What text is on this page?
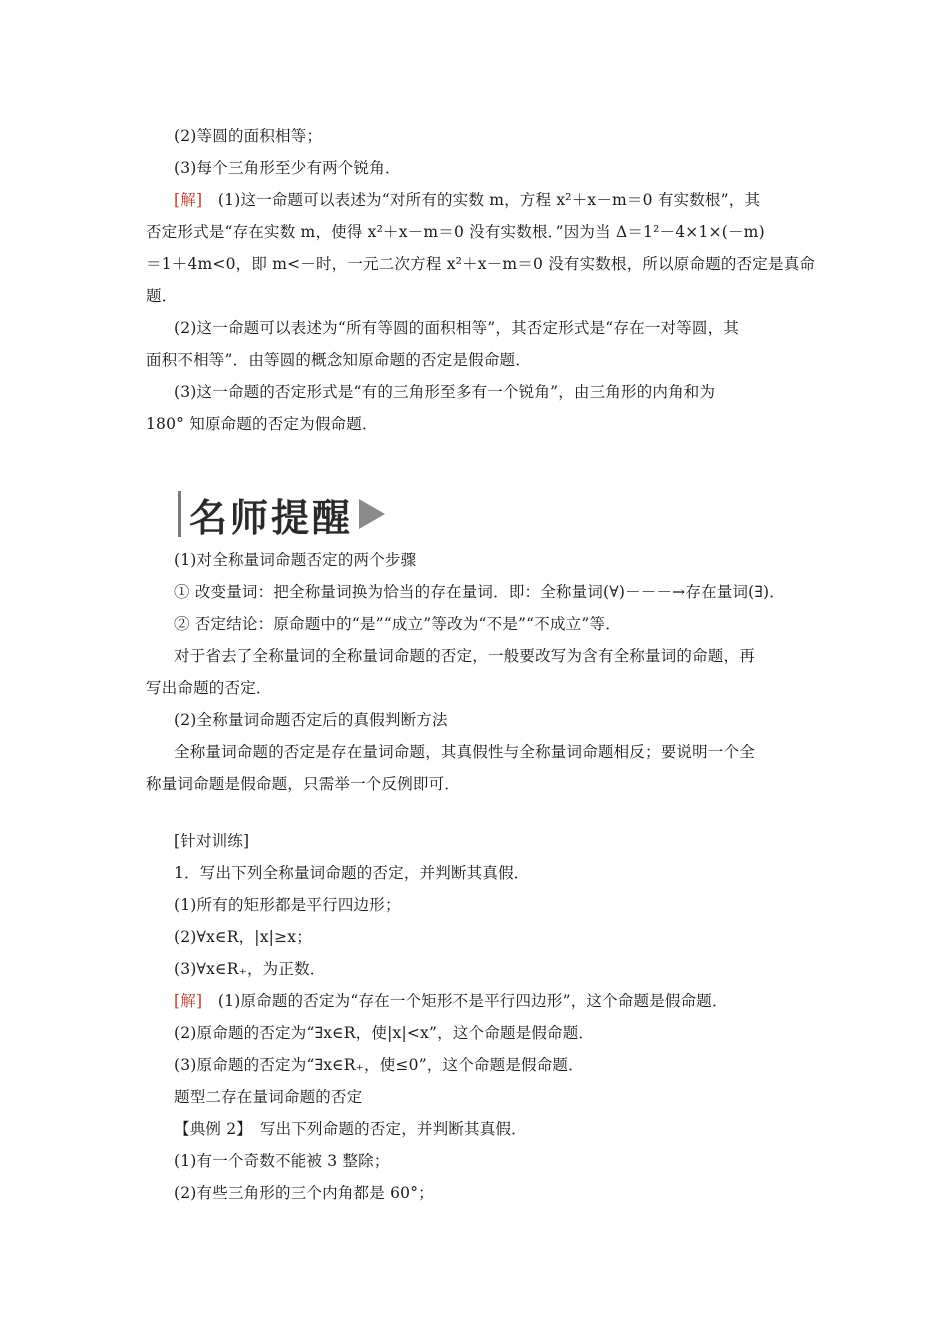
(2)等圆的面积相等；
(3)每个三角形至少有两个锐角．
[解]　(1)这一命题可以表述为“对所有的实数 m，方程 x²＋x－m＝0 有实数根”，其
否定形式是“存在实数 m，使得 x²＋x－m＝0 没有实数根．”因为当 Δ＝1²－4×1×(－m)
＝1＋4m<0，即 m<－时，一元二次方程 x²＋x－m＝0 没有实数根，所以原命题的否定是真命
题．
(2)这一命题可以表述为“所有等圆的面积相等”，其否定形式是“存在一对等圆，其
面积不相等”．由等圆的概念知原命题的否定是假命题．
(3)这一命题的否定形式是“有的三角形至多有一个锐角”，由三角形的内角和为
180° 知原命题的否定为假命题．
名师提醒
(1)对全称量词命题否定的两个步骤
① 改变量词：把全称量词换为恰当的存在量词．即：全称量词(∀)－－－→存在量词(∃)．
② 否定结论：原命题中的“是”“成立”等改为“不是”“不成立”等．
对于省去了全称量词的全称量词命题的否定，一般要改写为含有全称量词的命题，再
写出命题的否定．
(2)全称量词命题否定后的真假判断方法
全称量词命题的否定是存在量词命题，其真假性与全称量词命题相反；要说明一个全
称量词命题是假命题，只需举一个反例即可．
[针对训练]
1．写出下列全称量词命题的否定，并判断其真假．
(1)所有的矩形都是平行四边形；
(2)∀x∈R，|x|≥x；
(3)∀x∈R₊，为正数．
[解]　(1)原命题的否定为“存在一个矩形不是平行四边形”，这个命题是假命题．
(2)原命题的否定为“∃x∈R，使|x|<x”，这个命题是假命题．
(3)原命题的否定为“∃x∈R₊，使≤0”，这个命题是假命题．
题型二存在量词命题的否定
【典例 2】　写出下列命题的否定，并判断其真假．
(1)有一个奇数不能被 3 整除；
(2)有些三角形的三个内角都是 60°；
